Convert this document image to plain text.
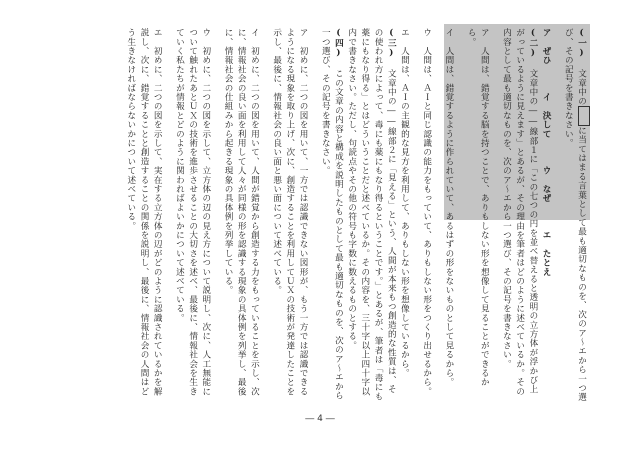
(一) 文章中のに当てはまる言葉として最も適切なものを、次のア～エから一つ選び、その記号を書きなさい。
ア　ぜひ　　　イ　決して　　　ウ　なぜ　　　エ　たとえ

(二) 文章中の――線部１に「この七つの円を並べ替えると透明の立方体が浮かび上がっているように見えます」とあるが、その理由を筆者はどのように述べているか。その内容として最も適切なものを、次のア～エから一つ選び、その記号を書きなさい。
ア　人間は、錯覚する脳を持つことで、ありもしない形を想像して見ることができるから。
イ　人間は、錯覚するように作られていて、あるはずの形をないものとして見るから。
ウ　人間は、ＡＩと同じ認識の能力をもっていて、ありもしない形をつくり出せるから。
エ　人間は、ＡＩの主観的な見方を利用して、ありもしない形を想像しているから。

(三) 文章中の――線部２に「見える」という、人間が本来もつ創造的な性質は、その使われ方によって、毒にも薬にもなり得るということです。」とあるが、筆者は「毒にも薬にもなり得る」とはどういうことだと述べているか。その内容を、三十字以上四十字以内で書きなさい。ただし、句読点やその他の符号も字数に数えるものとする。

(四) この文章の内容と構成を説明したものとして最も適切なものを、次のア～エから一つ選び、その記号を書きなさい。
ア　初めに、二つの図を用いて、一方では認識できない図形が、もう一方では認識できるようになる現象を取り上げ、次に、創造することを利用してＵＸの技術が発達したことを示し、最後に、情報社会の良い面と悪い面について述べている。
イ　初めに、二つの図を用いて、人間が錯覚から創造する力をもっていることを示し、次に、情報社会の良い面を利用して人々が同様の形を認識する現象の具体例を列挙し、最後に、情報社会の仕組みから起きる現象の具体例を列挙している。
ウ　初めに、二つの図を示して、立方体の辺の見え方について説明し、次に、人工無能について触れたあとＵＸの技術を進歩させることの大切さを述べ、最後に、情報社会を生きていく私たちが情報とどのように関わればよいかについて述べている。
エ　初めに、二つの図を示して、実在する立方体の辺がどのように認識されているかを解説し、次に、錯覚することと創造することの関係を説明し、最後に、情報社会の人間はどう生きなければならないかについて述べている。
― 4 ―
